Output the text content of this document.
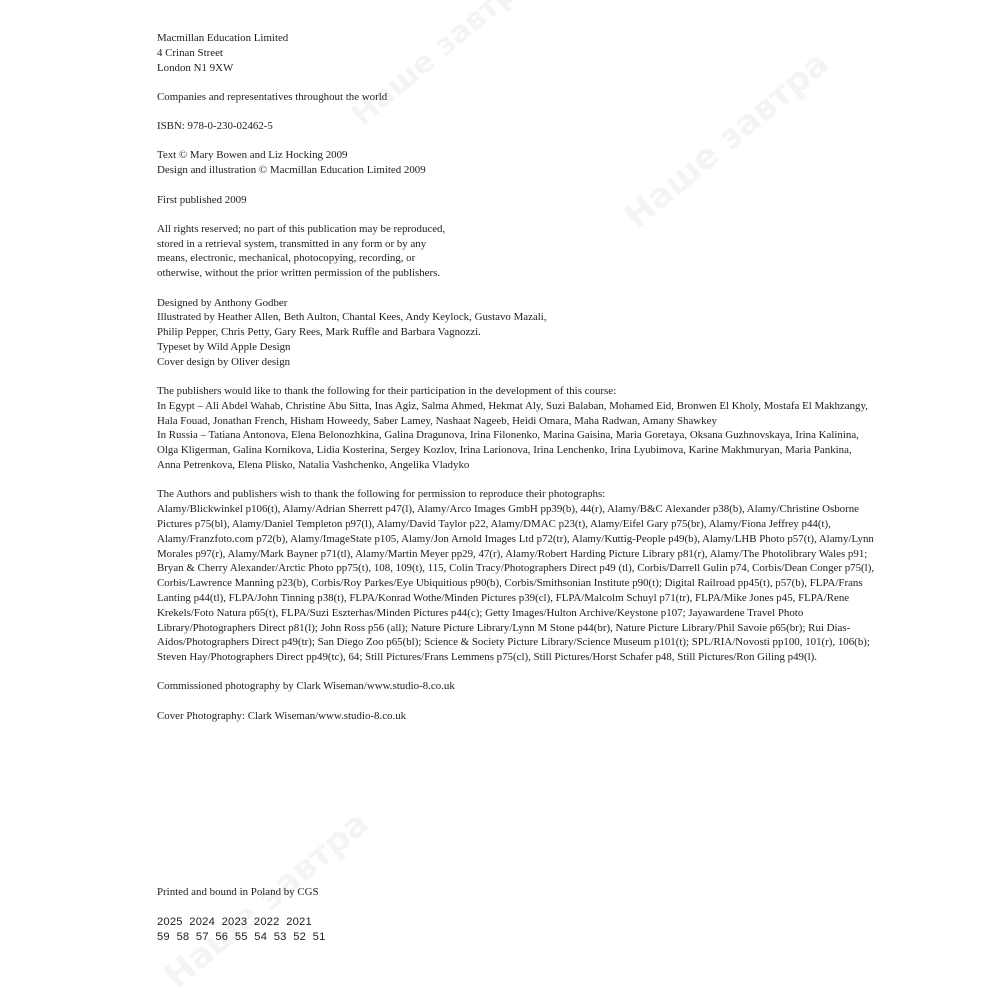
Macmillan Education Limited
4 Crinan Street
London N1 9XW

Companies and representatives throughout the world

ISBN: 978-0-230-02462-5

Text © Mary Bowen and Liz Hocking 2009
Design and illustration © Macmillan Education Limited 2009

First published 2009

All rights reserved; no part of this publication may be reproduced, stored in a retrieval system, transmitted in any form or by any means, electronic, mechanical, photocopying, recording, or otherwise, without the prior written permission of the publishers.

Designed by Anthony Godber
Illustrated by Heather Allen, Beth Aulton, Chantal Kees, Andy Keylock, Gustavo Mazali,
Philip Pepper, Chris Petty, Gary Rees, Mark Ruffle and Barbara Vagnozzi.
Typeset by Wild Apple Design
Cover design by Oliver design

The publishers would like to thank the following for their participation in the development of this course:
In Egypt – Ali Abdel Wahab, Christine Abu Sitta, Inas Agiz, Salma Ahmed, Hekmat Aly, Suzi Balaban, Mohamed Eid, Bronwen El Kholy, Mostafa El Makhzangy, Hala Fouad, Jonathan French, Hisham Howeedy, Saber Lamey, Nashaat Nageeb, Heidi Omara, Maha Radwan, Amany Shawkey
In Russia – Tatiana Antonova, Elena Belonozhkina, Galina Dragunova, Irina Filonenko, Marina Gaisina, Maria Goretaya, Oksana Guzhnovskaya, Irina Kalinina, Olga Kligerman, Galina Kornikova, Lidia Kosterina, Sergey Kozlov, Irina Larionova, Irina Lenchenko, Irina Lyubimova, Karine Makhmuryan, Maria Pankina, Anna Petrenkova, Elena Plisko, Natalia Vashchenko, Angelika Vladyko

The Authors and publishers wish to thank the following for permission to reproduce their photographs:
Alamy/Blickwinkel p106(t), Alamy/Adrian Sherrett p47(l), Alamy/Arco Images GmbH pp39(b), 44(r), Alamy/B&C Alexander p38(b), Alamy/Christine Osborne Pictures p75(bl), Alamy/Daniel Templeton p97(l), Alamy/David Taylor p22, Alamy/DMAC p23(t), Alamy/Eifel Gary p75(br), Alamy/Fiona Jeffrey p44(t), Alamy/Franzfoto.com p72(b), Alamy/ImageState p105, Alamy/Jon Arnold Images Ltd p72(tr), Alamy/Kuttig-People p49(b), Alamy/LHB Photo p57(t), Alamy/Lynn Morales p97(r), Alamy/Mark Bayner p71(tl), Alamy/Martin Meyer pp29, 47(r), Alamy/Robert Harding Picture Library p81(r), Alamy/The Photolibrary Wales p91; Bryan & Cherry Alexander/Arctic Photo pp75(t), 108, 109(t), 115, Colin Tracy/Photographers Direct p49 (tl), Corbis/Darrell Gulin p74, Corbis/Dean Conger p75(l), Corbis/Lawrence Manning p23(b), Corbis/Roy Parkes/Eye Ubiquitious p90(b), Corbis/Smithsonian Institute p90(t); Digital Railroad pp45(t), p57(b), FLPA/Frans Lanting p44(tl), FLPA/John Tinning p38(t), FLPA/Konrad Wothe/Minden Pictures p39(cl), FLPA/Malcolm Schuyl p71(tr), FLPA/Mike Jones p45, FLPA/Rene Krekels/Foto Natura p65(t), FLPA/Suzi Eszterhas/Minden Pictures p44(c); Getty Images/Hulton Archive/Keystone p107; Jayawardene Travel Photo Library/Photographers Direct p81(l); John Ross p56 (all); Nature Picture Library/Lynn M Stone p44(br), Nature Picture Library/Phil Savoie p65(br); Rui Dias-Aidos/Photographers Direct p49(tr); San Diego Zoo p65(bl); Science & Society Picture Library/Science Museum p101(t); SPL/RIA/Novosti pp100, 101(r), 106(b); Steven Hay/Photographers Direct pp49(tc), 64; Still Pictures/Frans Lemmens p75(cl), Still Pictures/Horst Schafer p48, Still Pictures/Ron Giling p49(l).

Commissioned photography by Clark Wiseman/www.studio-8.co.uk

Cover Photography: Clark Wiseman/www.studio-8.co.uk

Printed and bound in Poland by CGS

2025  2024  2023  2022  2021

59  58  57  56  55  54  53  52  51
